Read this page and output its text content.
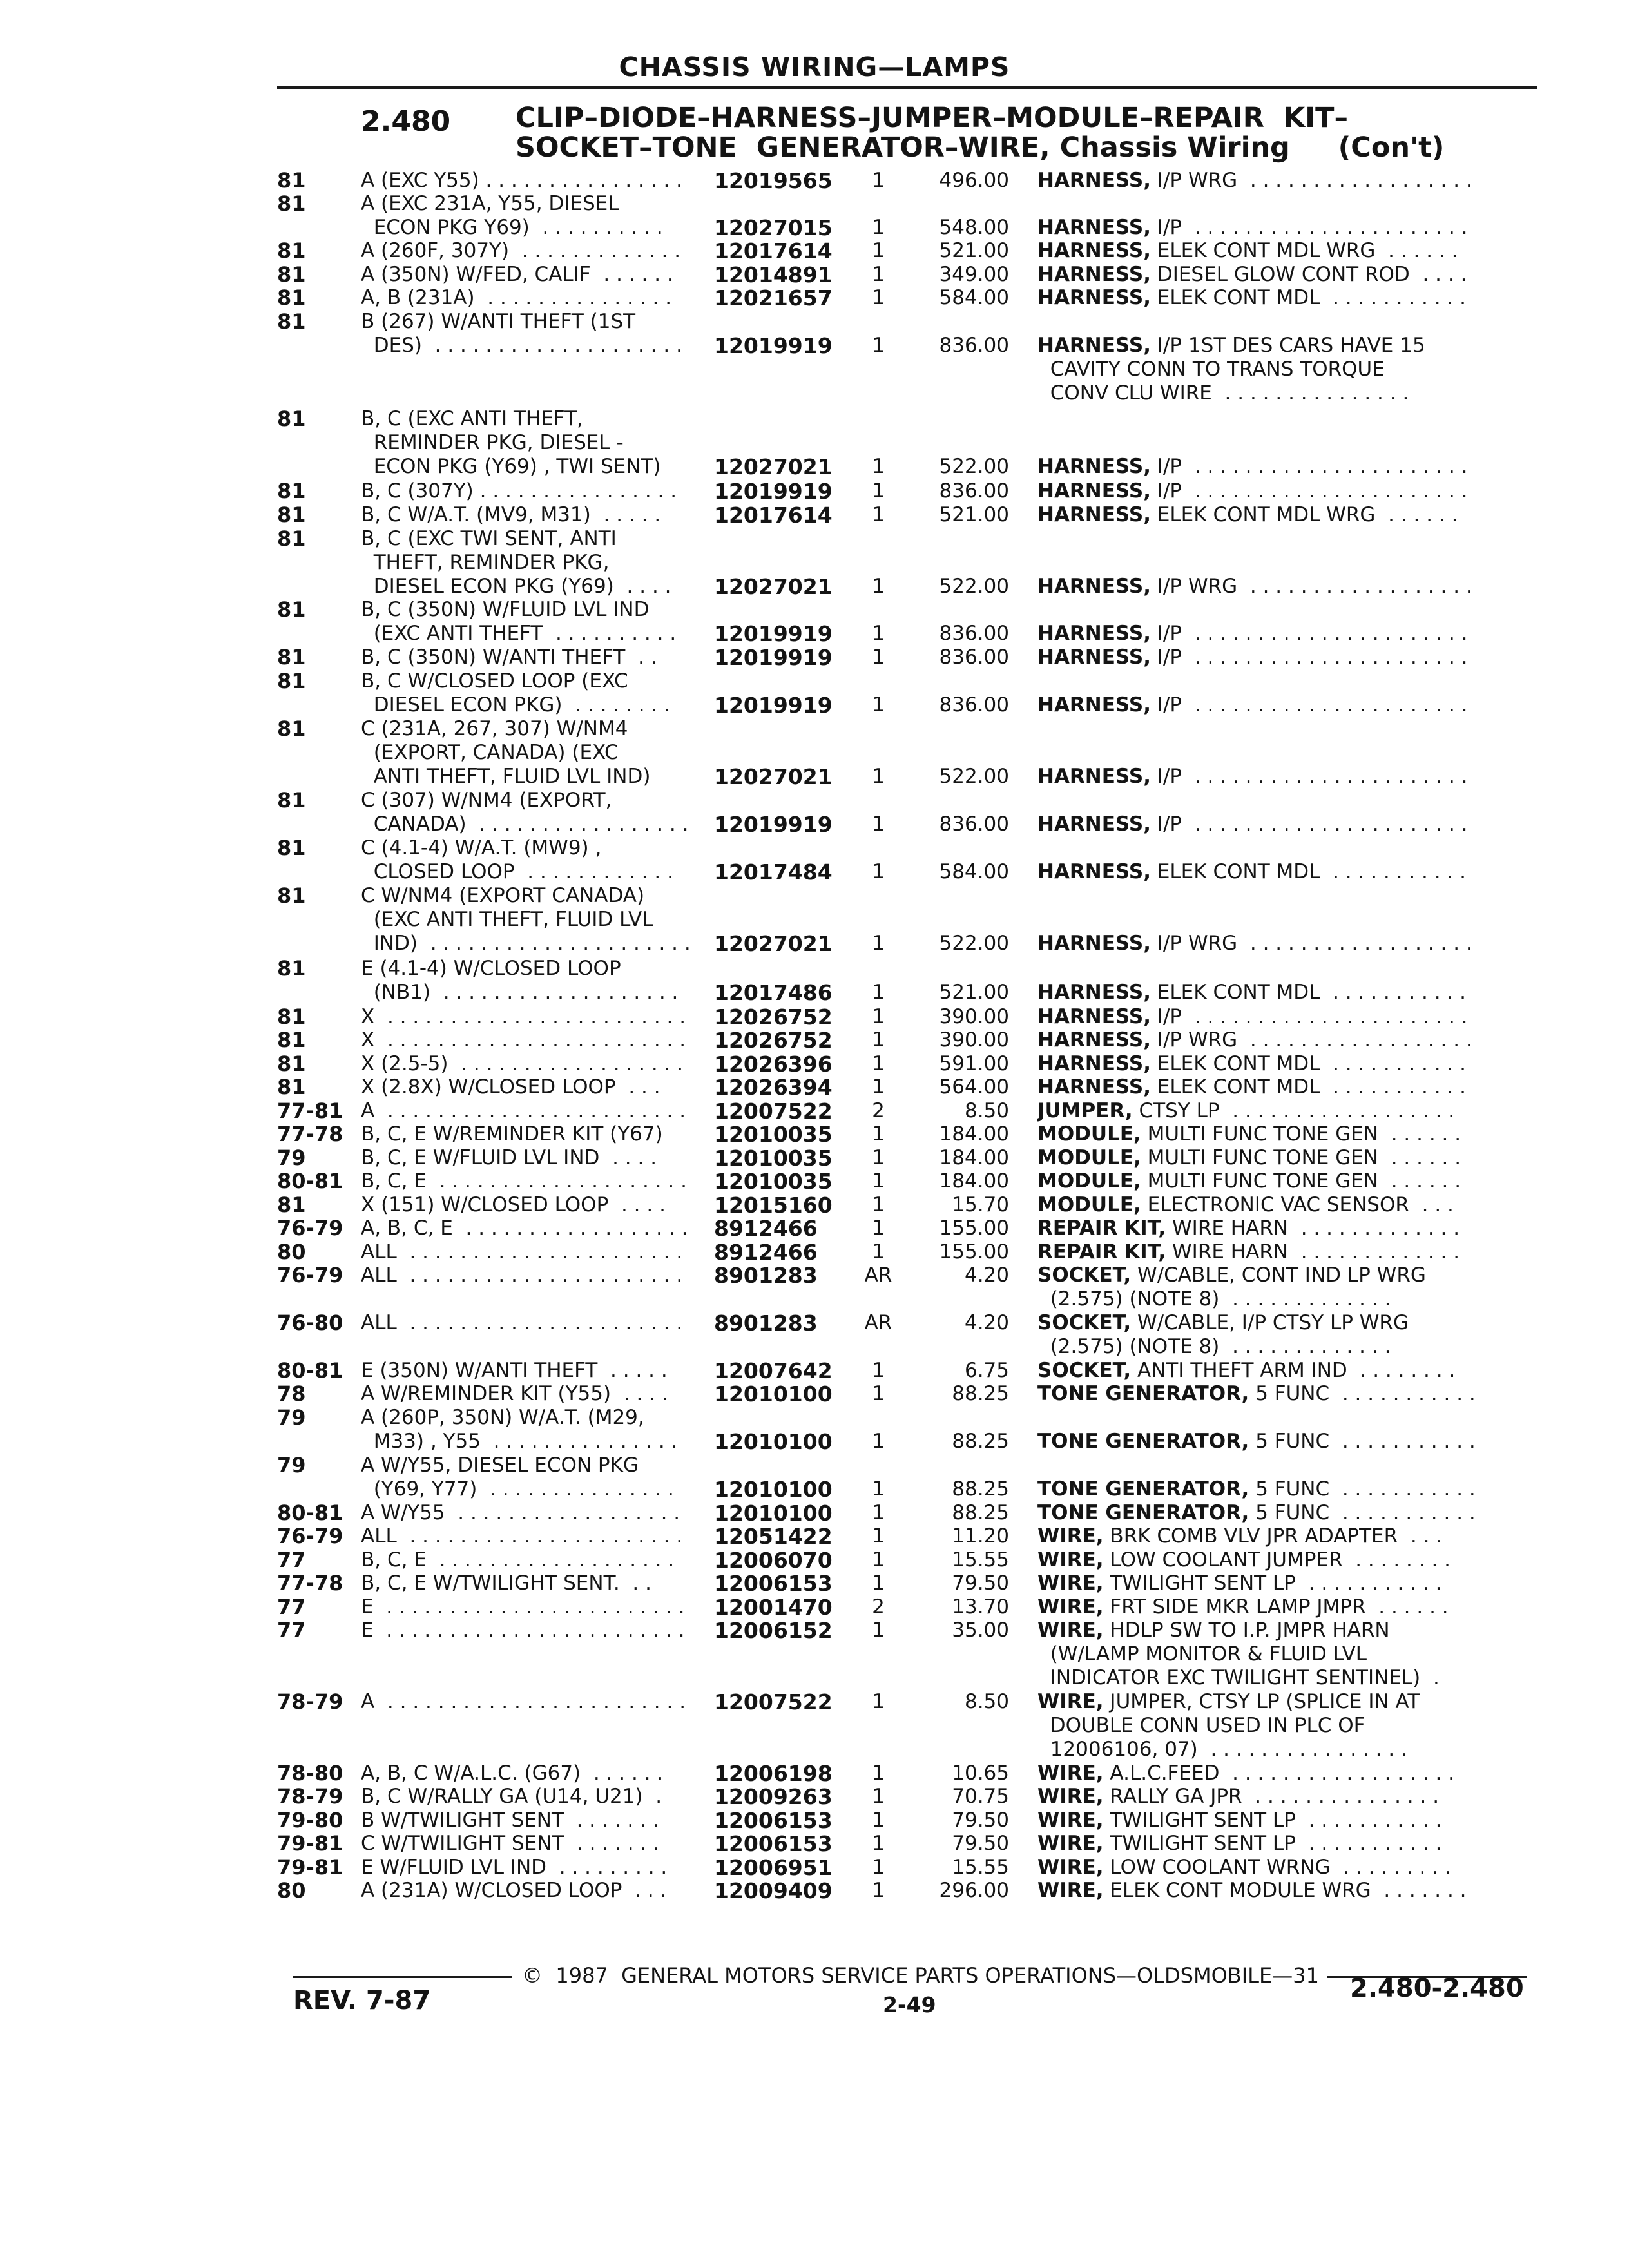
CHASSIS WIRING—LAMPS
2.480 CLIP–DIODE–HARNESS–JUMPER–MODULE–REPAIR  KIT–
SOCKET–TONE  GENERATOR–WIRE, Chassis Wiring     (Con't)
81	A (EXC Y55) . . . . . . . . . . . . . . . .	12019565	1	496.00 HARNESS, I/P WRG  . . . . . . . . . . . . . . . . . .
81	A (EXC 231A, Y55, DIESEL
ECON PKG Y69)  . . . . . . . . . .	12027015	1	548.00 HARNESS, I/P  . . . . . . . . . . . . . . . . . . . . . .
81	A (260F, 307Y)  . . . . . . . . . . . . .	12017614	1	521.00 HARNESS, ELEK CONT MDL WRG  . . . . . .
81	A (350N) W/FED, CALIF  . . . . . .	12014891	1	349.00 HARNESS, DIESEL GLOW CONT ROD  . . . .
81	A, B (231A)  . . . . . . . . . . . . . . .	12021657	1	584.00 HARNESS, ELEK CONT MDL  . . . . . . . . . . .
81	B (267) W/ANTI THEFT (1ST
DES)  . . . . . . . . . . . . . . . . . . . .	12019919	1	836.00 HARNESS, I/P 1ST DES CARS HAVE 15
CAVITY CONN TO TRANS TORQUE
CONV CLU WIRE  . . . . . . . . . . . . . . .
81	B, C (EXC ANTI THEFT,
REMINDER PKG, DIESEL -
ECON PKG (Y69) , TWI SENT)	12027021	1	522.00 HARNESS, I/P  . . . . . . . . . . . . . . . . . . . . . .
81	B, C (307Y) . . . . . . . . . . . . . . . .	12019919	1	836.00 HARNESS, I/P  . . . . . . . . . . . . . . . . . . . . . .
81	B, C W/A.T. (MV9, M31)  . . . . .	12017614	1	521.00 HARNESS, ELEK CONT MDL WRG  . . . . . .
81	B, C (EXC TWI SENT, ANTI
THEFT, REMINDER PKG,
DIESEL ECON PKG (Y69)  . . . .	12027021	1	522.00 HARNESS, I/P WRG  . . . . . . . . . . . . . . . . . .
81	B, C (350N) W/FLUID LVL IND
(EXC ANTI THEFT  . . . . . . . . . .	12019919	1	836.00 HARNESS, I/P  . . . . . . . . . . . . . . . . . . . . . .
81	B, C (350N) W/ANTI THEFT  . .	12019919	1	836.00 HARNESS, I/P  . . . . . . . . . . . . . . . . . . . . . .
81	B, C W/CLOSED LOOP (EXC
DIESEL ECON PKG)  . . . . . . . .	12019919	1	836.00 HARNESS, I/P  . . . . . . . . . . . . . . . . . . . . . .
81	C (231A, 267, 307) W/NM4
(EXPORT, CANADA) (EXC
ANTI THEFT, FLUID LVL IND)	12027021	1	522.00 HARNESS, I/P  . . . . . . . . . . . . . . . . . . . . . .
81	C (307) W/NM4 (EXPORT,
CANADA)  . . . . . . . . . . . . . . . . .	12019919	1	836.00 HARNESS, I/P  . . . . . . . . . . . . . . . . . . . . . .
81	C (4.1-4) W/A.T. (MW9) ,
CLOSED LOOP  . . . . . . . . . . . .	12017484	1	584.00 HARNESS, ELEK CONT MDL  . . . . . . . . . . .
81	C W/NM4 (EXPORT CANADA)
(EXC ANTI THEFT, FLUID LVL
IND)  . . . . . . . . . . . . . . . . . . . . .	12027021	1	522.00 HARNESS, I/P WRG  . . . . . . . . . . . . . . . . . .
81	E (4.1-4) W/CLOSED LOOP
(NB1)  . . . . . . . . . . . . . . . . . . .	12017486	1	521.00 HARNESS, ELEK CONT MDL  . . . . . . . . . . .
81	X  . . . . . . . . . . . . . . . . . . . . . . . .	12026752	1	390.00 HARNESS, I/P  . . . . . . . . . . . . . . . . . . . . . .
81	X  . . . . . . . . . . . . . . . . . . . . . . . .	12026752	1	390.00 HARNESS, I/P WRG  . . . . . . . . . . . . . . . . . .
81	X (2.5-5)  . . . . . . . . . . . . . . . . . .	12026396	1	591.00 HARNESS, ELEK CONT MDL  . . . . . . . . . . .
81	X (2.8X) W/CLOSED LOOP  . . .	12026394	1	564.00 HARNESS, ELEK CONT MDL  . . . . . . . . . . .
77-81 A  . . . . . . . . . . . . . . . . . . . . . . . .	12007522	2	8.50 JUMPER, CTSY LP  . . . . . . . . . . . . . . . . . .
77-78 B, C, E W/REMINDER KIT (Y67)	12010035	1	184.00 MODULE, MULTI FUNC TONE GEN  . . . . . .
79	B, C, E W/FLUID LVL IND  . . . .	12010035	1	184.00 MODULE, MULTI FUNC TONE GEN  . . . . . .
80-81 B, C, E  . . . . . . . . . . . . . . . . . . . .	12010035	1	184.00 MODULE, MULTI FUNC TONE GEN  . . . . . .
81	X (151) W/CLOSED LOOP  . . . .	12015160	1	15.70 MODULE, ELECTRONIC VAC SENSOR  . . .
76-79 A, B, C, E  . . . . . . . . . . . . . . . . . .	8912466	1	155.00 REPAIR KIT, WIRE HARN  . . . . . . . . . . . . .
80	ALL  . . . . . . . . . . . . . . . . . . . . . .	8912466	1	155.00 REPAIR KIT, WIRE HARN  . . . . . . . . . . . . .
76-79 ALL  . . . . . . . . . . . . . . . . . . . . . .	8901283	AR	4.20 SOCKET, W/CABLE, CONT IND LP WRG
(2.575) (NOTE 8)  . . . . . . . . . . . . .
76-80 ALL  . . . . . . . . . . . . . . . . . . . . . .	8901283	AR	4.20 SOCKET, W/CABLE, I/P CTSY LP WRG
(2.575) (NOTE 8)  . . . . . . . . . . . . .
80-81 E (350N) W/ANTI THEFT  . . . . .	12007642	1	6.75 SOCKET, ANTI THEFT ARM IND  . . . . . . . .
78	A W/REMINDER KIT (Y55)  . . . .	12010100	1	88.25 TONE GENERATOR, 5 FUNC  . . . . . . . . . . .
79	A (260P, 350N) W/A.T. (M29,
M33) , Y55  . . . . . . . . . . . . . . .	12010100	1	88.25 TONE GENERATOR, 5 FUNC  . . . . . . . . . . .
79	A W/Y55, DIESEL ECON PKG
(Y69, Y77)  . . . . . . . . . . . . . . .	12010100	1	88.25 TONE GENERATOR, 5 FUNC  . . . . . . . . . . .
80-81 A W/Y55  . . . . . . . . . . . . . . . . . .	12010100	1	88.25 TONE GENERATOR, 5 FUNC  . . . . . . . . . . .
76-79 ALL  . . . . . . . . . . . . . . . . . . . . . .	12051422	1	11.20 WIRE, BRK COMB VLV JPR ADAPTER  . . .
77	B, C, E  . . . . . . . . . . . . . . . . . . .	12006070	1	15.55 WIRE, LOW COOLANT JUMPER  . . . . . . . .
77-78 B, C, E W/TWILIGHT SENT.  . .	12006153	1	79.50 WIRE, TWILIGHT SENT LP  . . . . . . . . . . .
77	E  . . . . . . . . . . . . . . . . . . . . . . . .	12001470	2	13.70 WIRE, FRT SIDE MKR LAMP JMPR  . . . . . .
77	E  . . . . . . . . . . . . . . . . . . . . . . . .	12006152	1	35.00 WIRE, HDLP SW TO I.P. JMPR HARN
(W/LAMP MONITOR & FLUID LVL
INDICATOR EXC TWILIGHT SENTINEL)  .
78-79 A  . . . . . . . . . . . . . . . . . . . . . . . .	12007522	1	8.50 WIRE, JUMPER, CTSY LP (SPLICE IN AT
DOUBLE CONN USED IN PLC OF
12006106, 07)  . . . . . . . . . . . . . . . .
78-80 A, B, C W/A.L.C. (G67)  . . . . . .	12006198	1	10.65 WIRE, A.L.C.FEED  . . . . . . . . . . . . . . . . . .
78-79 B, C W/RALLY GA (U14, U21)  .	12009263	1	70.75 WIRE, RALLY GA JPR  . . . . . . . . . . . . . . .
79-80 B W/TWILIGHT SENT  . . . . . . .	12006153	1	79.50 WIRE, TWILIGHT SENT LP  . . . . . . . . . . .
79-81 C W/TWILIGHT SENT  . . . . . . .	12006153	1	79.50 WIRE, TWILIGHT SENT LP  . . . . . . . . . . .
79-81 E W/FLUID LVL IND  . . . . . . . . .	12006951	1	15.55 WIRE, LOW COOLANT WRNG  . . . . . . . . .
80	A (231A) W/CLOSED LOOP  . . .	12009409	1	296.00 WIRE, ELEK CONT MODULE WRG  . . . . . . .
©  1987  GENERAL MOTORS SERVICE PARTS OPERATIONS—OLDSMOBILE—31
REV. 7-87	2-49
2.480-2.480
